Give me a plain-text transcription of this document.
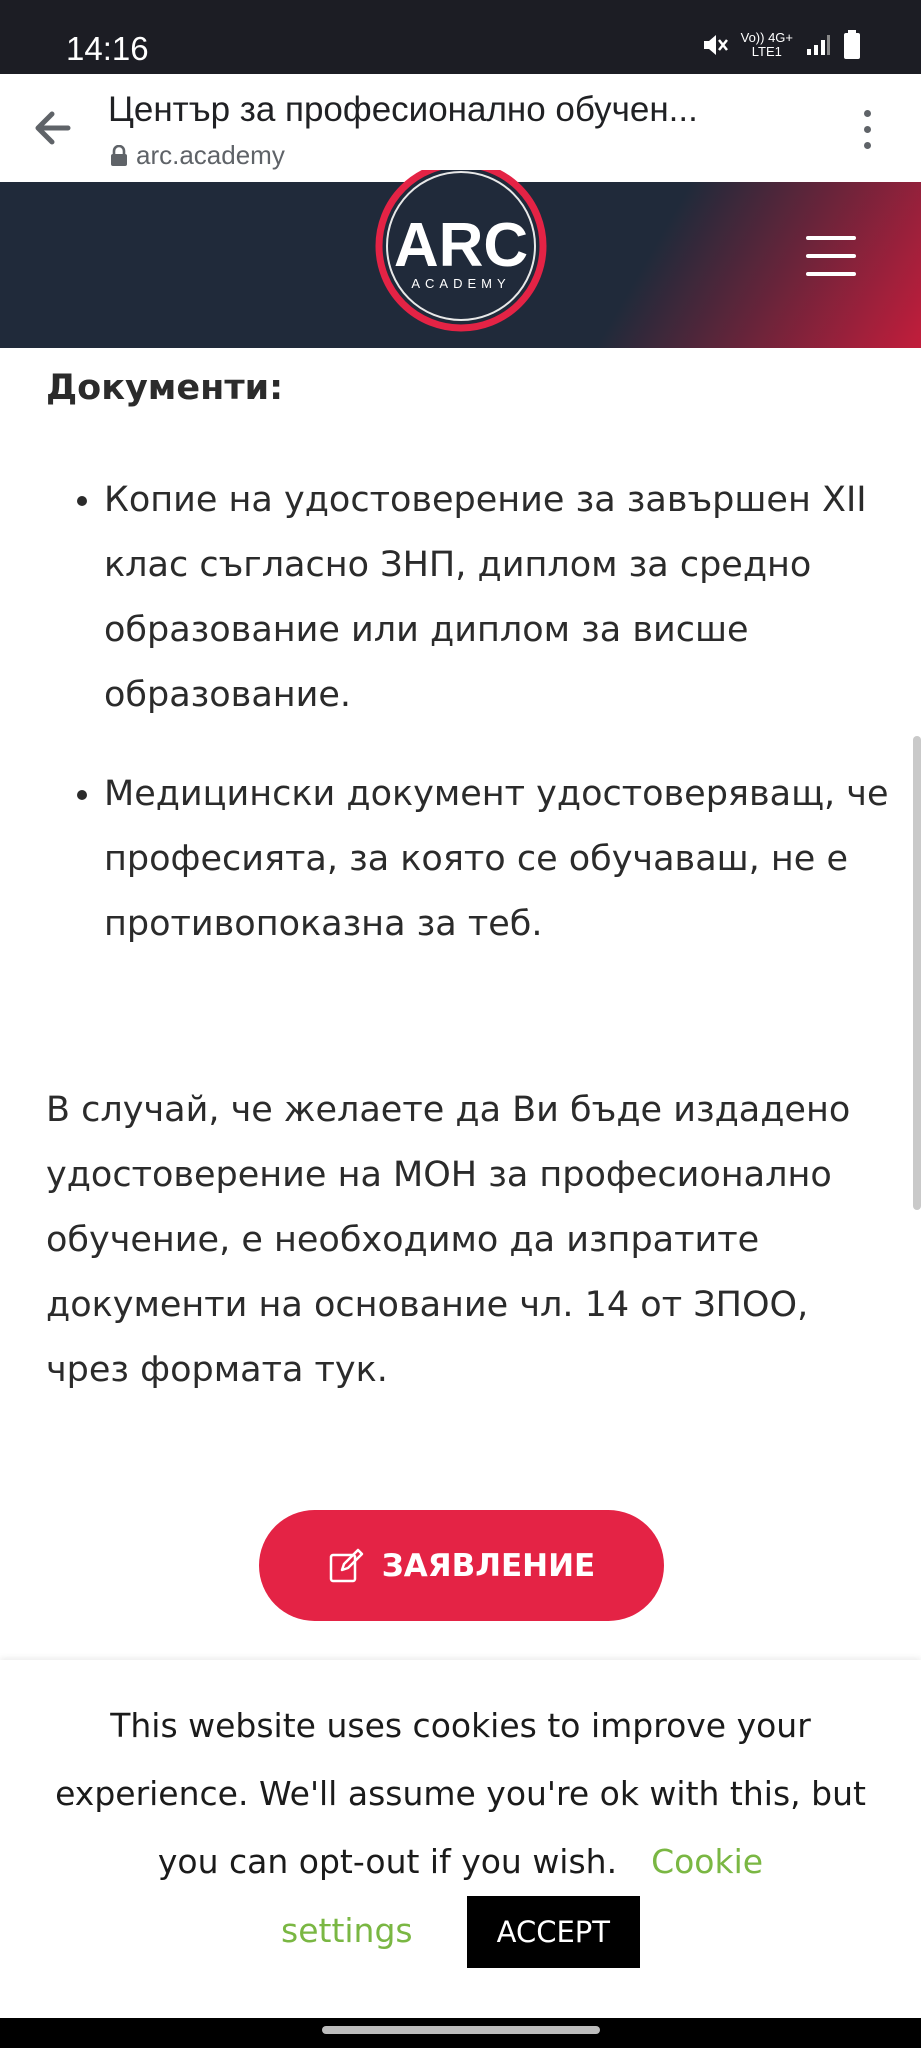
14:16	Vo)) 4G+
LTE1
Център за професионално обучен...
arc.academy
ARC
ACADEMY
Документи:
• Копие на удостоверение за завършен XII клас съгласно ЗНП, диплом за средно образование или диплом за висше образование.
• Медицински документ удостоверяващ, че професията, за която се обучаваш, не е противопоказна за теб.
В случай, че желаете да Ви бъде издадено удостоверение на МОН за професионално обучение, е необходимо да изпратите документи на основание чл. 14 от ЗПОО, чрез формата тук.
ЗАЯВЛЕНИЕ
This website uses cookies to improve your experience. We'll assume you're ok with this, but you can opt-out if you wish. Cookie
settings	ACCEPT
